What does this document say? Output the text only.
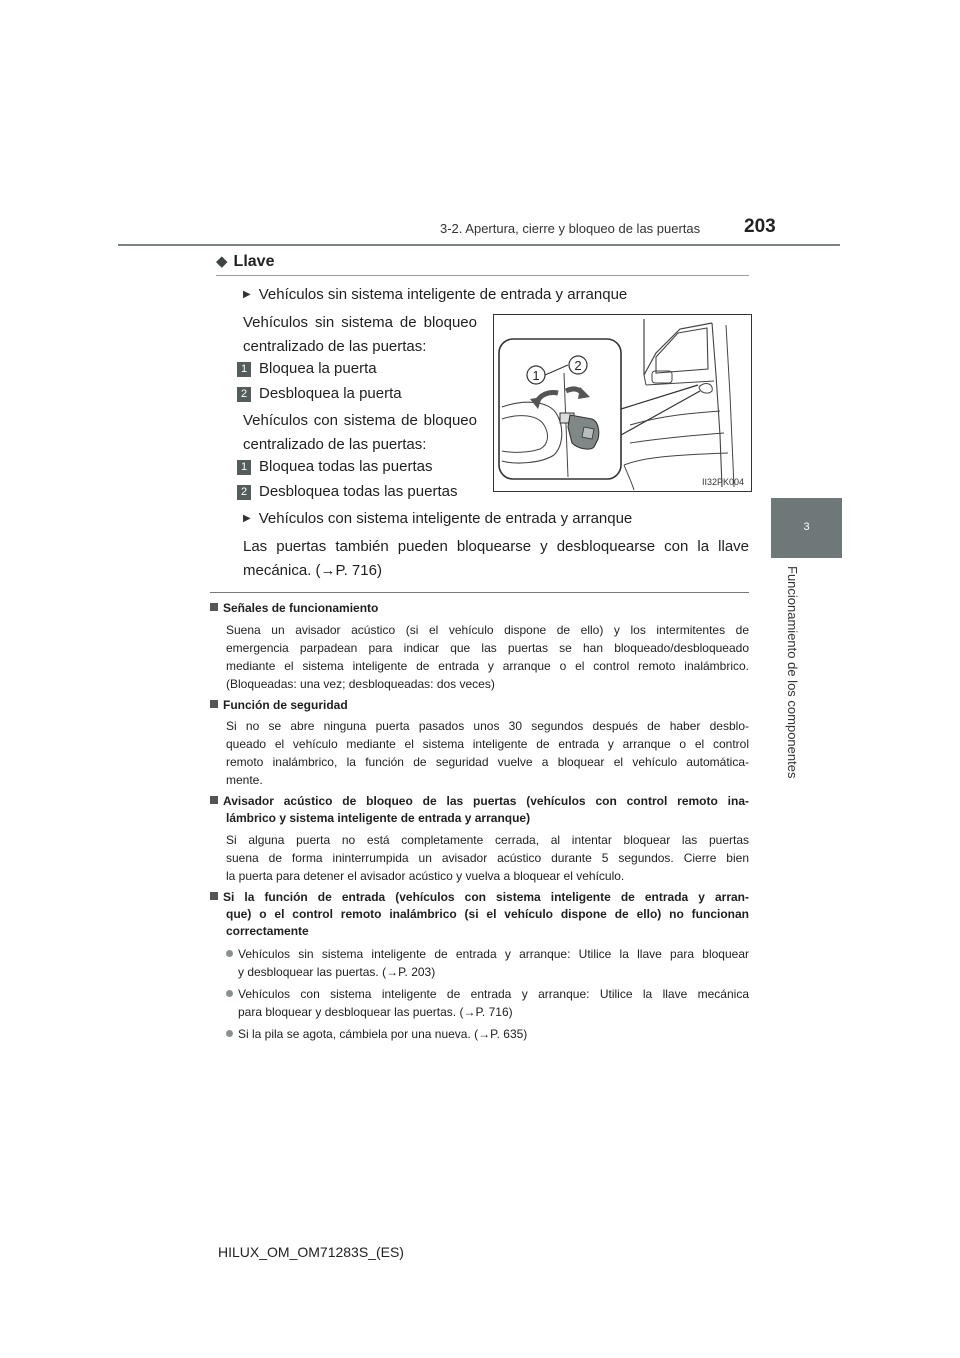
3-2. Apertura, cierre y bloqueo de las puertas 203
3
Funcionamiento de los componentes
◆ Llave
▶ Vehículos sin sistema inteligente de entrada y arranque
Vehículos sin sistema de bloqueo
centralizado de las puertas:
1 Bloquea la puerta
2 Desbloquea la puerta
Vehículos con sistema de bloqueo
centralizado de las puertas:
1 Bloquea todas las puertas
2 Desbloquea todas las puertas
1
2
II32PK004
▶ Vehículos con sistema inteligente de entrada y arranque
Las puertas también pueden bloquearse y desbloquearse con la llave
mecánica. (→P. 716)
Señales de funcionamiento
Suena un avisador acústico (si el vehículo dispone de ello) y los intermitentes de
emergencia parpadean para indicar que las puertas se han bloqueado/desbloqueado
mediante el sistema inteligente de entrada y arranque o el control remoto inalámbrico.
(Bloqueadas: una vez; desbloqueadas: dos veces)
Función de seguridad
Si no se abre ninguna puerta pasados unos 30 segundos después de haber desblo-
queado el vehículo mediante el sistema inteligente de entrada y arranque o el control
remoto inalámbrico, la función de seguridad vuelve a bloquear el vehículo automática-
mente.
Avisador acústico de bloqueo de las puertas (vehículos con control remoto ina-
lámbrico y sistema inteligente de entrada y arranque)
Si alguna puerta no está completamente cerrada, al intentar bloquear las puertas
suena de forma ininterrumpida un avisador acústico durante 5 segundos. Cierre bien
la puerta para detener el avisador acústico y vuelva a bloquear el vehículo.
Si la función de entrada (vehículos con sistema inteligente de entrada y arran-
que) o el control remoto inalámbrico (si el vehículo dispone de ello) no funcionan
correctamente
Vehículos sin sistema inteligente de entrada y arranque: Utilice la llave para bloquear
y desbloquear las puertas. (→P. 203)
Vehículos con sistema inteligente de entrada y arranque: Utilice la llave mecánica
para bloquear y desbloquear las puertas. (→P. 716)
Si la pila se agota, cámbiela por una nueva. (→P. 635)
HILUX_OM_OM71283S_(ES)
